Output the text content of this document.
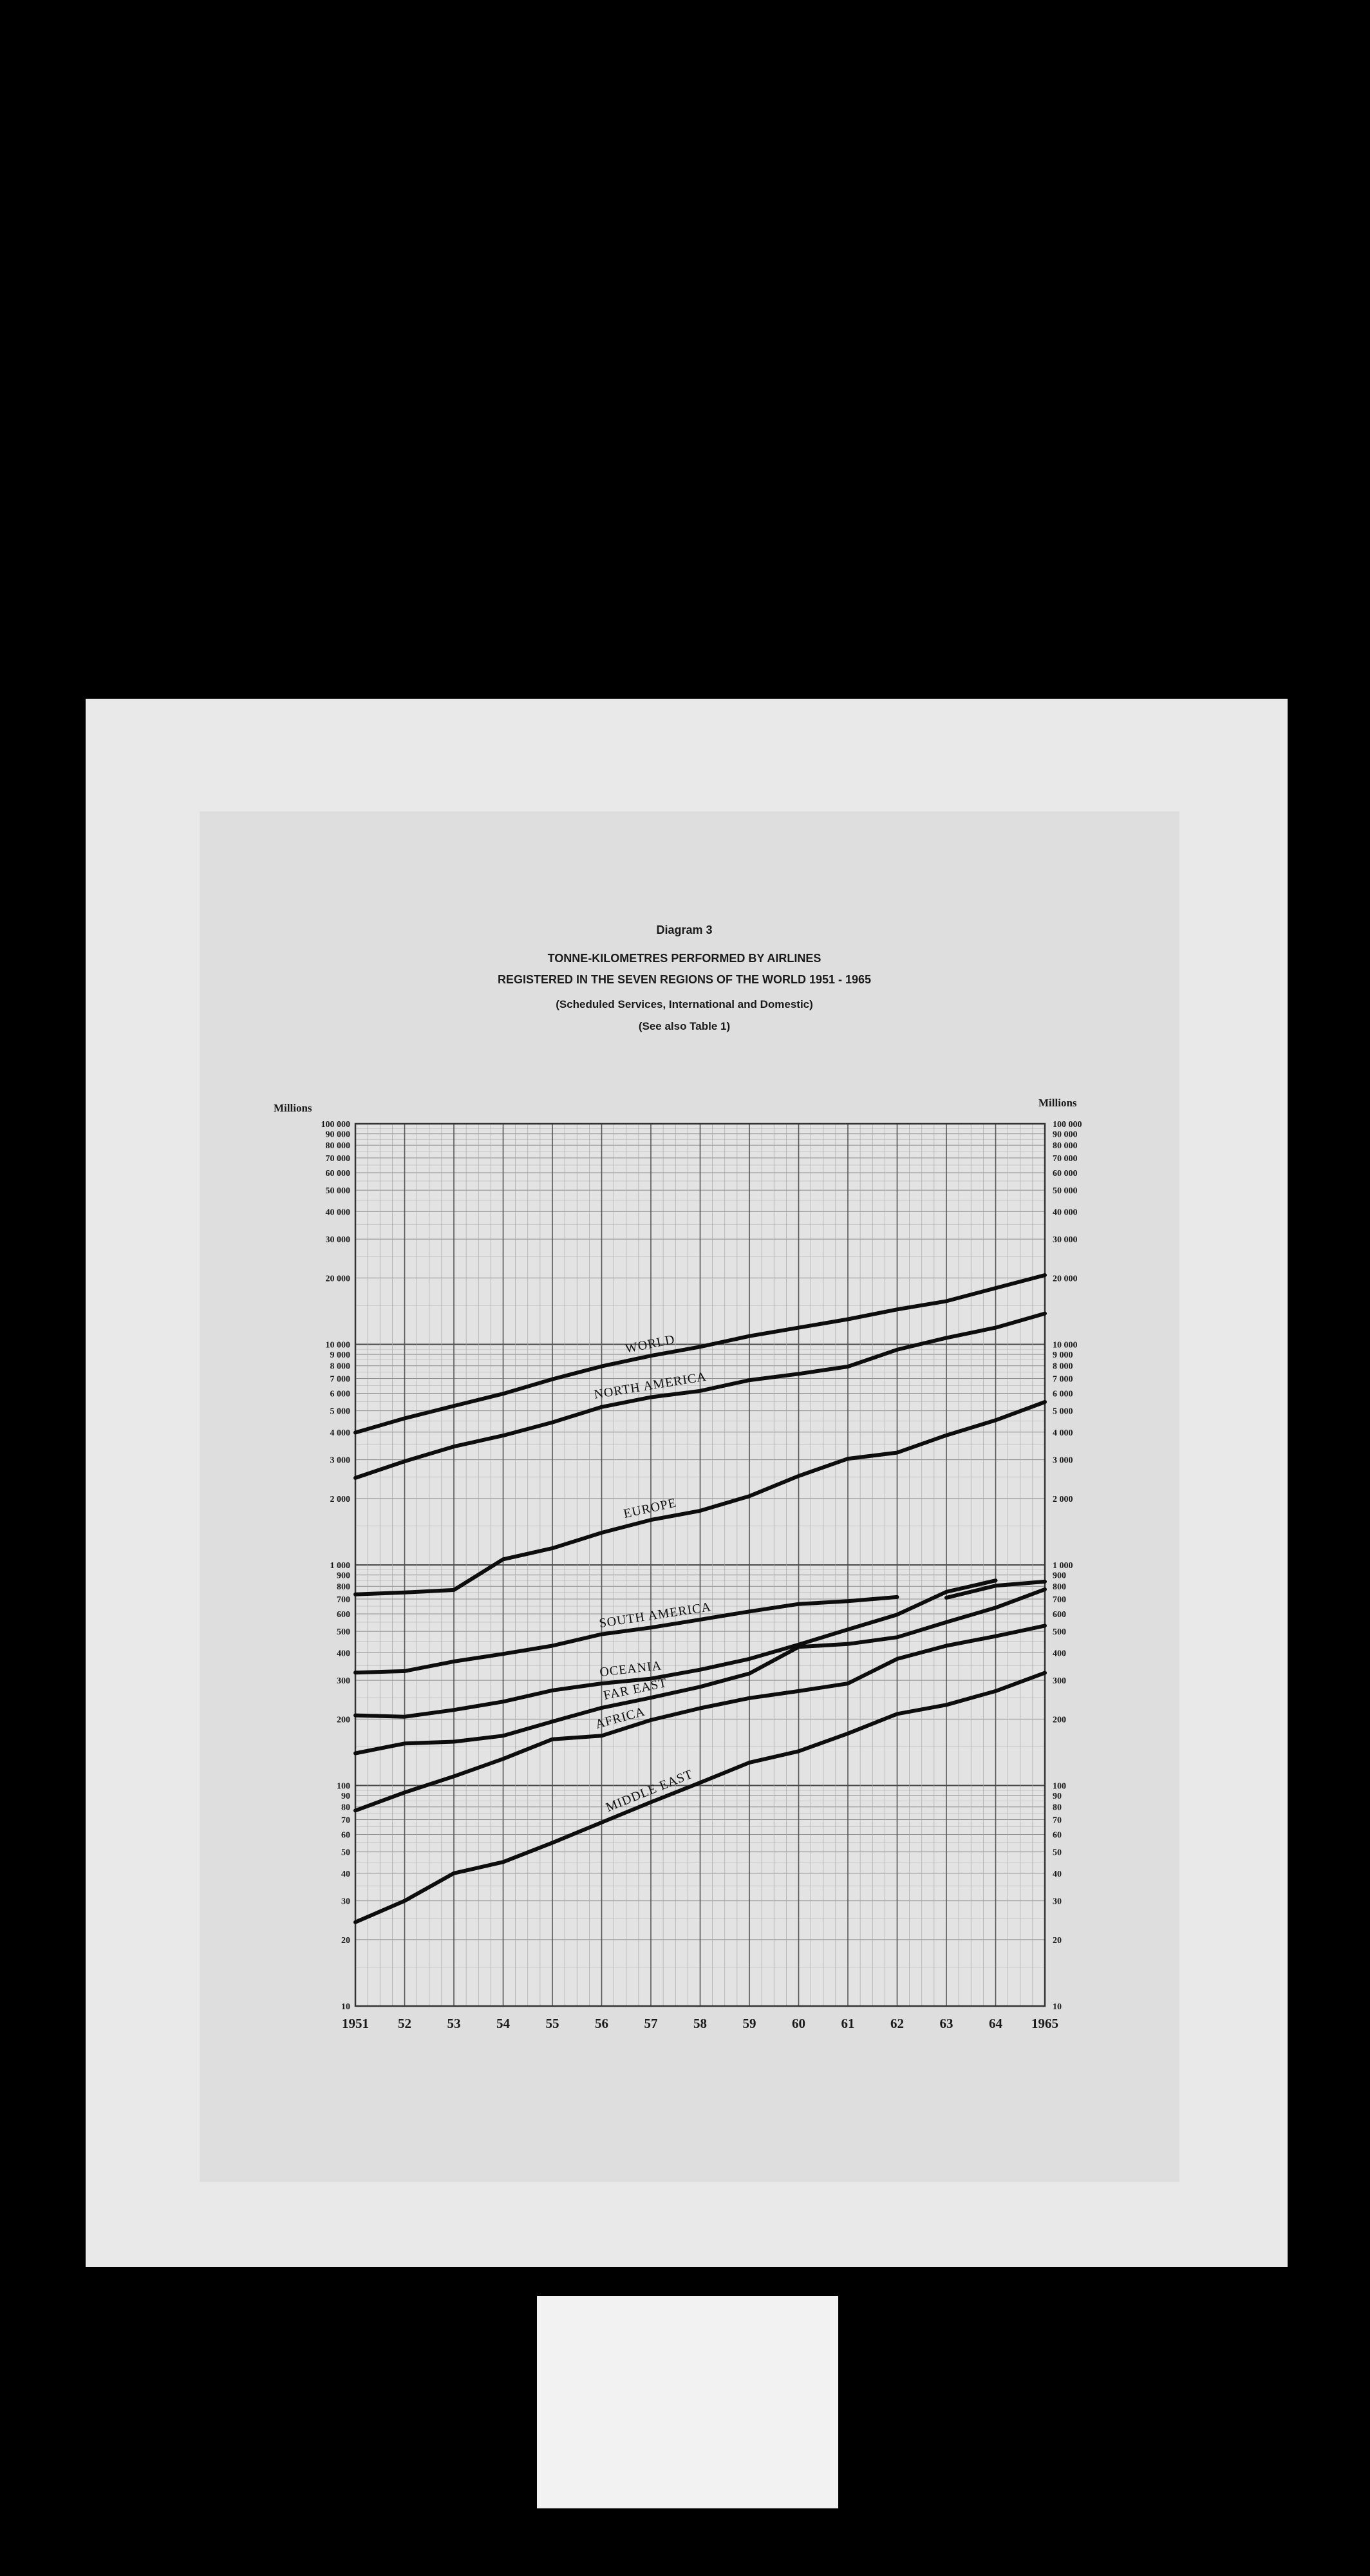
Diagram 3
TONNE-KILOMETRES PERFORMED BY AIRLINES
REGISTERED IN THE SEVEN REGIONS OF THE WORLD 1951 - 1965
(Scheduled Services, International and Domestic)
(See also Table 1)
Millions	Millions
100 000
90 000
80 000
70 000
60 000
50 000
40 000
30 000
20 000
10 000
9 000
8 000
7 000
6 000
5 000
4 000
3 000
2 000
1 000
900
800
700
600
500
400
300
200
100
90
80
70
60
50
40
30
20
10
100 000
90 000
80 000
70 000
60 000
50 000
40 000
30 000
20 000
10 000
9 000
8 000
7 000
6 000
5 000
4 000
3 000
2 000
1 000
900
800
700
600
500
400
300
200
100
90
80
70
60
50
40
30
20
10
1951 52	53	54	55	56	57	58	59	60	61	62	63	64 1965
WORLD
NORTH AMERICA
EUROPE
SOUTH AMERICA
OCEANIA
FAR EAST
AFRICA
MIDDLE EAST
